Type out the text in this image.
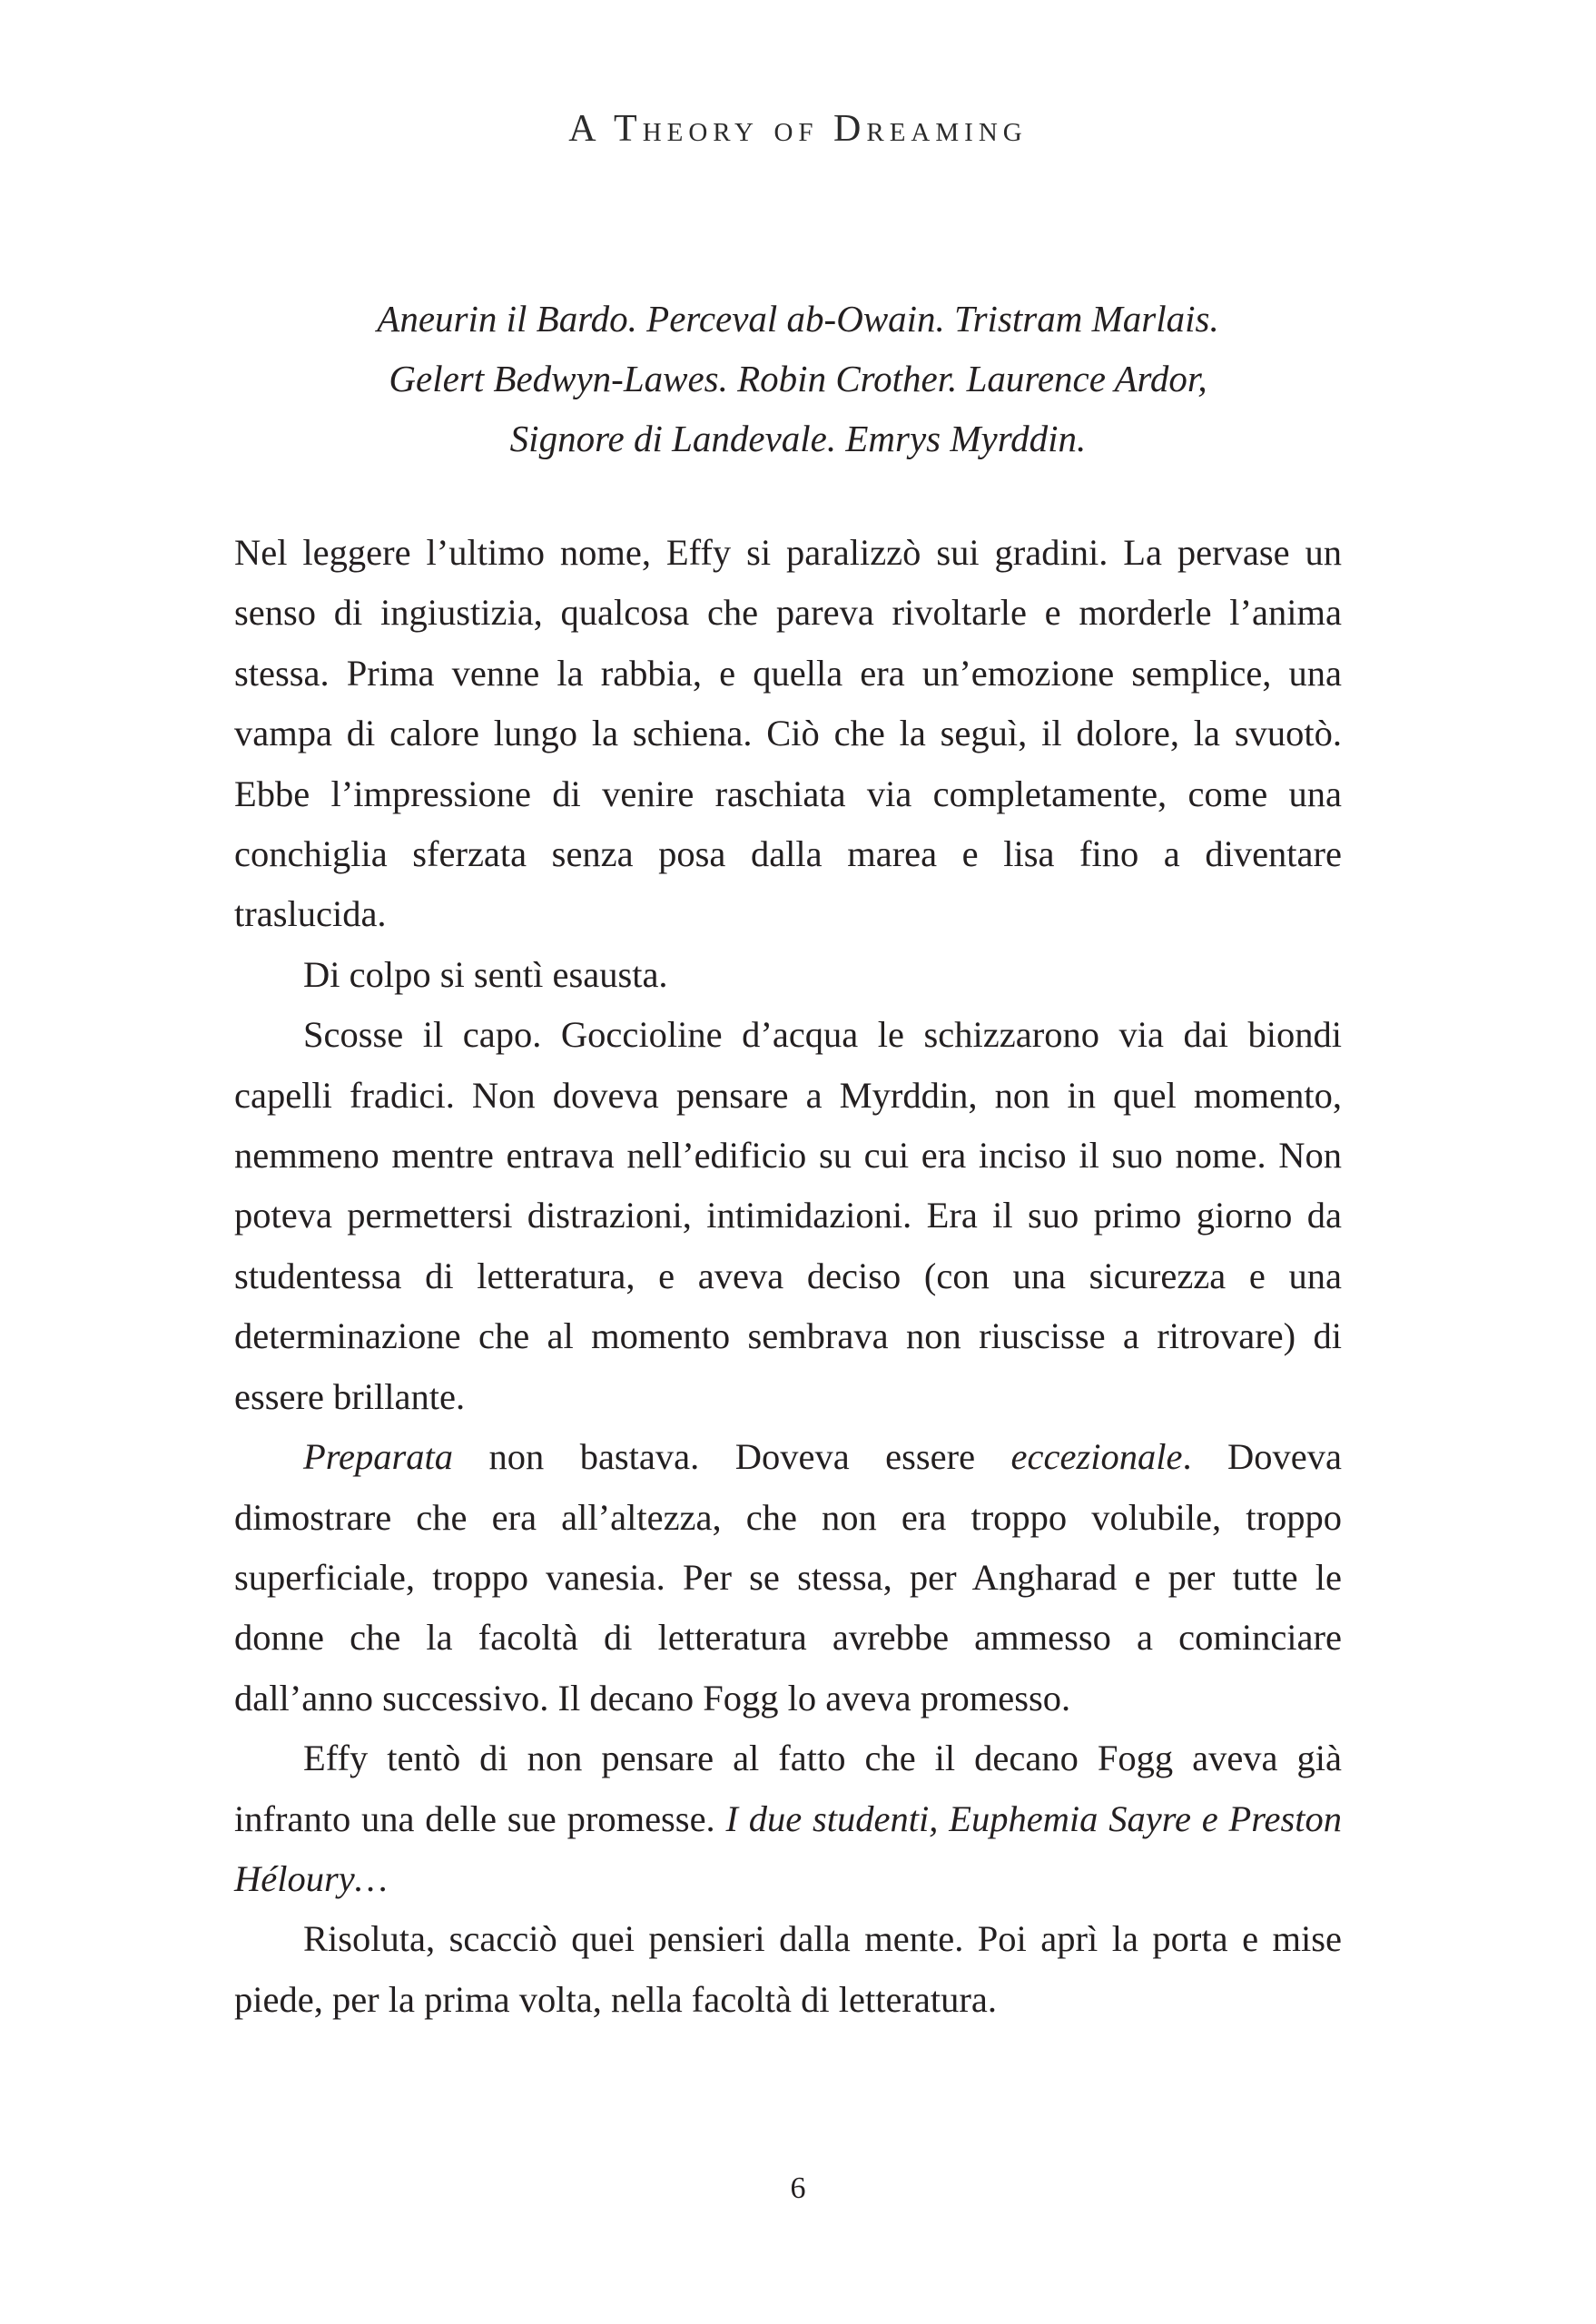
A Theory of Dreaming
Aneurin il Bardo. Perceval ab-Owain. Tristram Marlais.
Gelert Bedwyn-Lawes. Robin Crother. Laurence Ardor,
Signore di Landevale. Emrys Myrddin.

Nel leggere l’ultimo nome, Effy si paralizzò sui gradini. La pervase un senso di ingiustizia, qualcosa che pareva rivoltarle e morderle l’anima stessa. Prima venne la rabbia, e quella era un’emozione semplice, una vampa di calore lungo la schiena. Ciò che la seguì, il dolore, la svuotò. Ebbe l’impressione di venire raschiata via completamente, come una conchiglia sferzata senza posa dalla marea e lisa fino a diventare traslucida.

Di colpo si sentì esausta.

Scosse il capo. Goccioline d’acqua le schizzarono via dai biondi capelli fradici. Non doveva pensare a Myrddin, non in quel momento, nemmeno mentre entrava nell’edificio su cui era inciso il suo nome. Non poteva permettersi distrazioni, intimidazioni. Era il suo primo giorno da studentessa di letteratura, e aveva deciso (con una sicurezza e una determinazione che al momento sembrava non riuscisse a ritrovare) di essere brillante.

Preparata non bastava. Doveva essere eccezionale. Doveva dimostrare che era all’altezza, che non era troppo volubile, troppo superficiale, troppo vanesia. Per se stessa, per Angharad e per tutte le donne che la facoltà di letteratura avrebbe ammesso a cominciare dall’anno successivo. Il decano Fogg lo aveva promesso.

Effy tentò di non pensare al fatto che il decano Fogg aveva già infranto una delle sue promesse. I due studenti, Euphemia Sayre e Preston Héloury…

Risoluta, scacciò quei pensieri dalla mente. Poi aprì la porta e mise piede, per la prima volta, nella facoltà di letteratura.

6
